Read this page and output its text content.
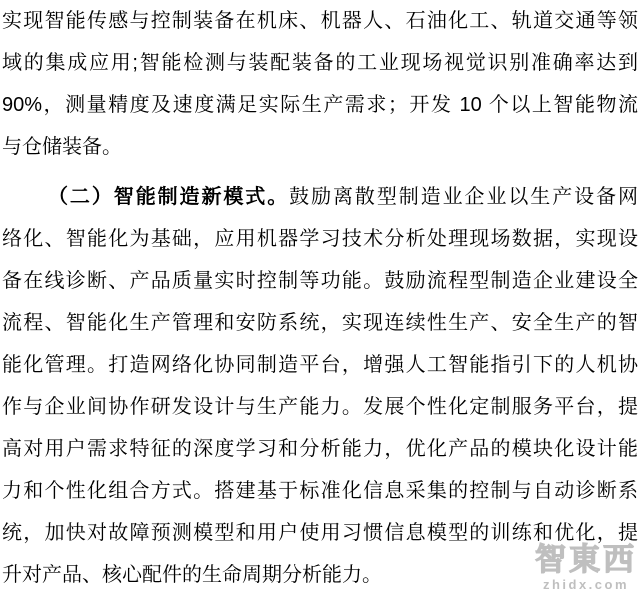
实现智能传感与控制装备在机床、机器人、石油化工、轨道交通等领
域的集成应用;智能检测与装配装备的工业现场视觉识别准确率达到
90%，测量精度及速度满足实际生产需求；开发 10 个以上智能物流
与仓储装备。
（二）智能制造新模式。鼓励离散型制造业企业以生产设备网
络化、智能化为基础，应用机器学习技术分析处理现场数据，实现设
备在线诊断、产品质量实时控制等功能。鼓励流程型制造企业建设全
流程、智能化生产管理和安防系统，实现连续性生产、安全生产的智
能化管理。打造网络化协同制造平台，增强人工智能指引下的人机协
作与企业间协作研发设计与生产能力。发展个性化定制服务平台，提
高对用户需求特征的深度学习和分析能力，优化产品的模块化设计能
力和个性化组合方式。搭建基于标准化信息采集的控制与自动诊断系
统，加快对故障预测模型和用户使用习惯信息模型的训练和优化，提
升对产品、核心配件的生命周期分析能力。	智東西
zhidx.com
